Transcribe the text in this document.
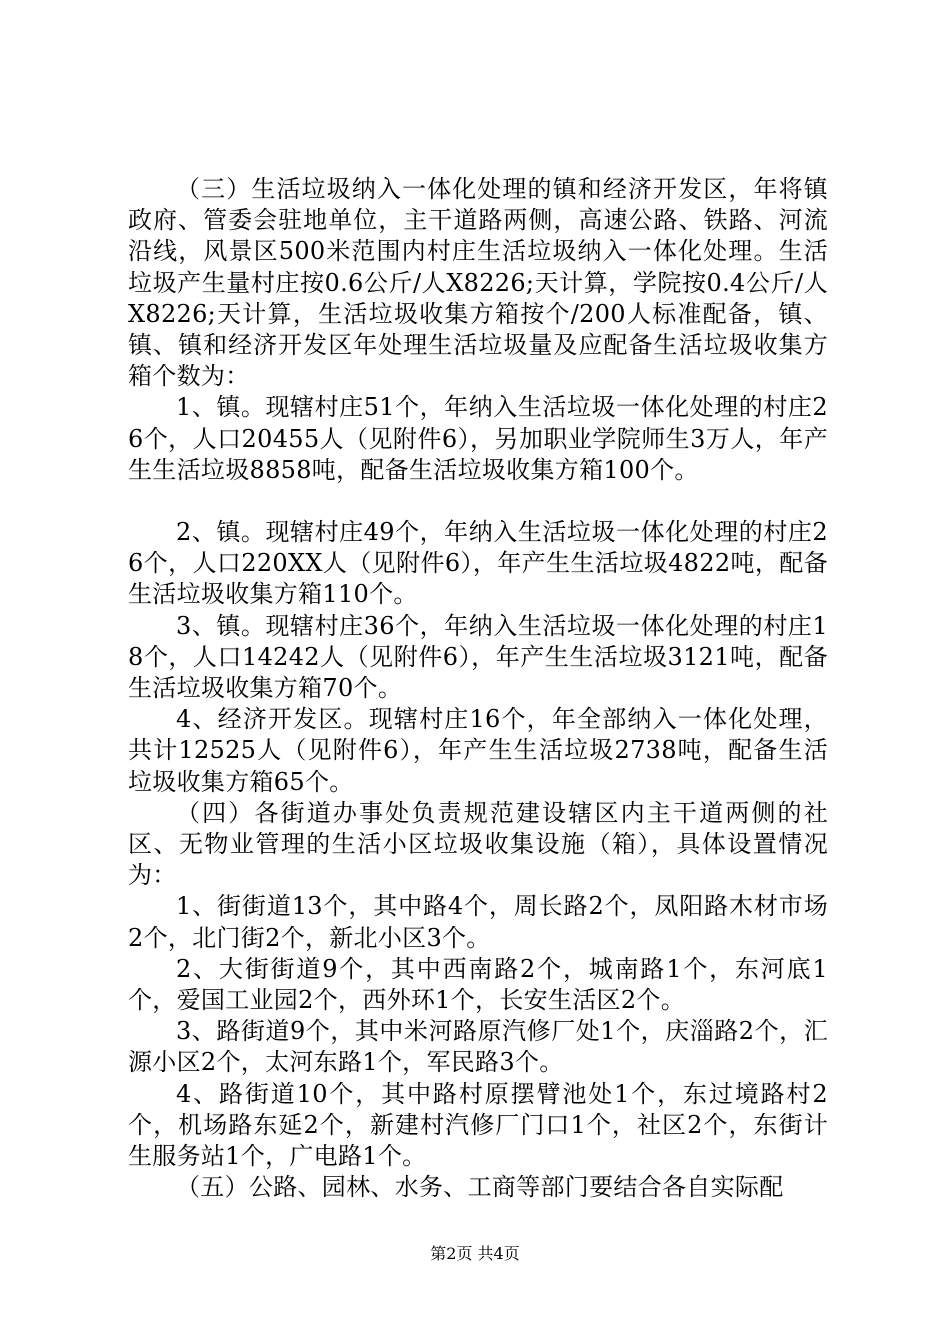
（三）生活垃圾纳入一体化处理的镇和经济开发区，年将镇政府、管委会驻地单位，主干道路两侧，高速公路、铁路、河流沿线，风景区500米范围内村庄生活垃圾纳入一体化处理。生活垃圾产生量村庄按0.6公斤/人X8226;天计算，学院按0.4公斤/人X8226;天计算，生活垃圾收集方箱按个/200人标准配备，镇、镇、镇和经济开发区年处理生活垃圾量及应配备生活垃圾收集方箱个数为：

1、镇。现辖村庄51个，年纳入生活垃圾一体化处理的村庄26个，人口20455人（见附件6），另加职业学院师生3万人，年产生生活垃圾8858吨，配备生活垃圾收集方箱100个。

2、镇。现辖村庄49个，年纳入生活垃圾一体化处理的村庄26个，人口220XX人（见附件6），年产生生活垃圾4822吨，配备生活垃圾收集方箱110个。

3、镇。现辖村庄36个，年纳入生活垃圾一体化处理的村庄18个，人口14242人（见附件6），年产生生活垃圾3121吨，配备生活垃圾收集方箱70个。

4、经济开发区。现辖村庄16个，年全部纳入一体化处理，共计12525人（见附件6），年产生生活垃圾2738吨，配备生活垃圾收集方箱65个。

（四）各街道办事处负责规范建设辖区内主干道两侧的社区、无物业管理的生活小区垃圾收集设施（箱），具体设置情况为：

1、街街道13个，其中路4个，周长路2个，凤阳路木材市场2个，北门街2个，新北小区3个。

2、大街街道9个，其中西南路2个，城南路1个，东河底1个，爱国工业园2个，西外环1个，长安生活区2个。

3、路街道9个，其中米河路原汽修厂处1个，庆淄路2个，汇源小区2个，太河东路1个，军民路3个。

4、路街道10个，其中路村原摆臂池处1个，东过境路村2个，机场路东延2个，新建村汽修厂门口1个，社区2个，东街计生服务站1个，广电路1个。

（五）公路、园林、水务、工商等部门要结合各自实际配

第2页 共4页
